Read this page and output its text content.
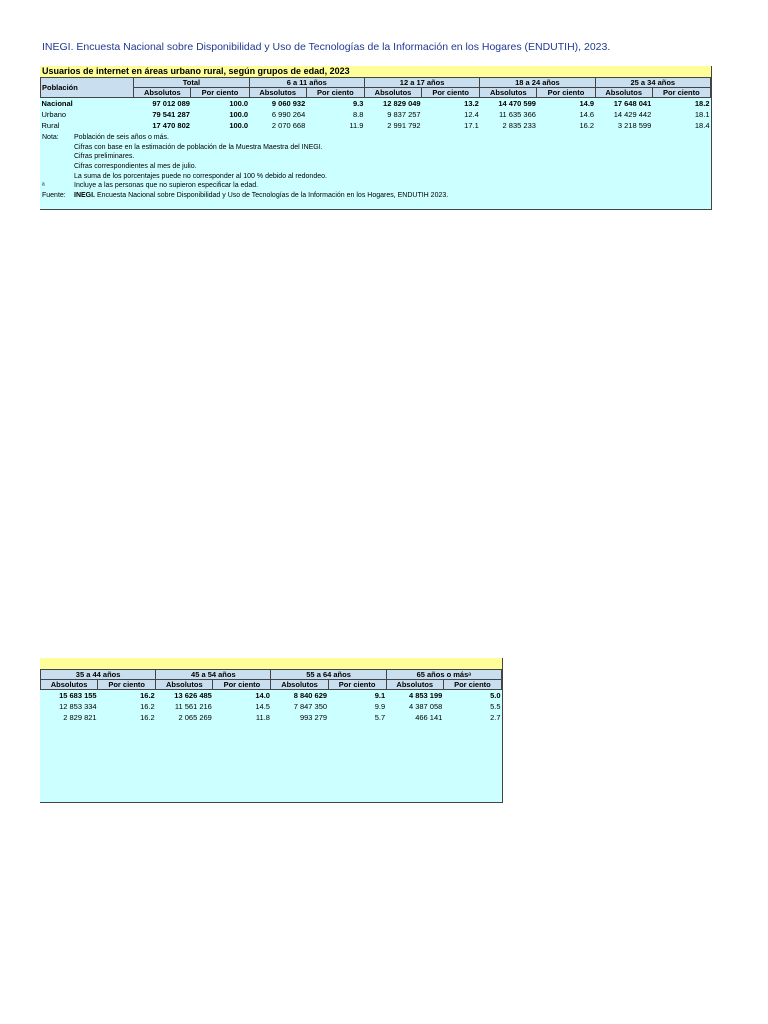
INEGI. Encuesta Nacional sobre Disponibilidad y Uso de Tecnologías de la Información en los Hogares (ENDUTIH), 2023.
Usuarios de internet en áreas urbano rural, según grupos de edad, 2023
Población	Total		6 a 11 años		12 a 17 años		18 a 24 años		25 a 34 años	
	Absolutos	Por ciento	Absolutos	Por ciento	Absolutos	Por ciento	Absolutos	Por ciento	Absolutos	Por ciento
Nacional	97 012 089	100.0	9 060 932	9.3	12 829 049	13.2	14 470 599	14.9	17 648 041	18.2
Urbano	79 541 287	100.0	6 990 264	8.8	9 837 257	12.4	11 635 366	14.6	14 429 442	18.1
Rural	17 470 802	100.0	2 070 668	11.9	2 991 792	17.1	2 835 233	16.2	3 218 599	18.4
Nota: Población de seis años o más.
Cifras con base en la estimación de población de la Muestra Maestra del INEGI.
Cifras preliminares.
Cifras correspondientes al mes de julio.
La suma de los porcentajes puede no corresponder al 100 % debido al redondeo.
ᵃ	Incluye a las personas que no supieron especificar la edad.
Fuente: INEGI. Encuesta Nacional sobre Disponibilidad y Uso de Tecnologías de la Información en los Hogares, ENDUTIH 2023.
35 a 44 años		45 a 54 años		55 a 64 años		65 años o másᵃ	
Absolutos	Por ciento	Absolutos	Por ciento	Absolutos	Por ciento	Absolutos	Por ciento
15 683 155	16.2	13 626 485	14.0	8 840 629	9.1	4 853 199	5.0
12 853 334	16.2	11 561 216	14.5	7 847 350	9.9	4 387 058	5.5
2 829 821	16.2	2 065 269	11.8	993 279	5.7	466 141	2.7
